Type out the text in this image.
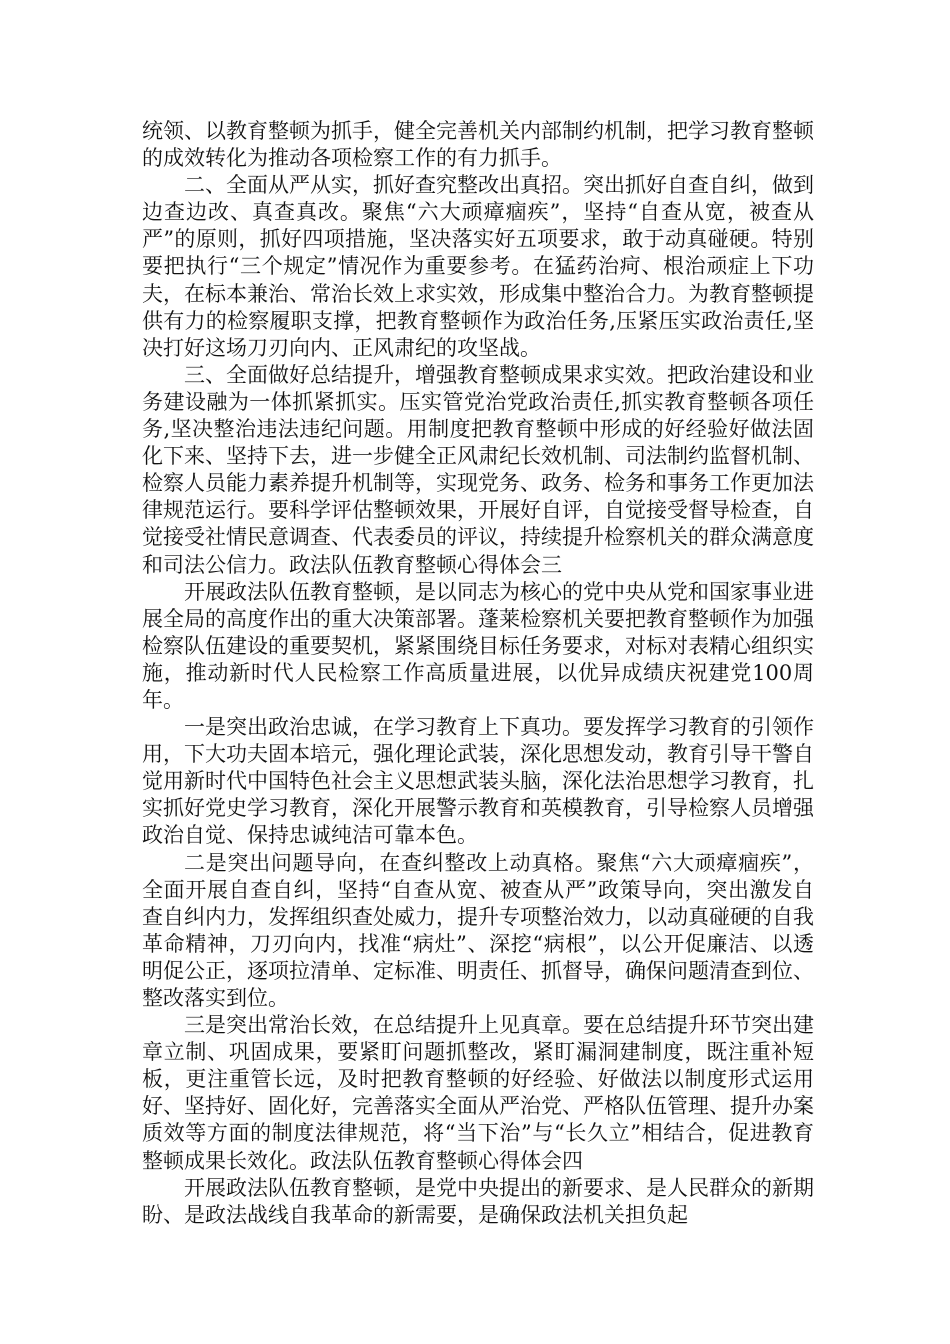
统领、以教育整顿为抓手，健全完善机关内部制约机制，把学习教育整顿的成效转化为推动各项检察工作的有力抓手。

二、全面从严从实，抓好查究整改出真招。突出抓好自查自纠，做到边查边改、真查真改。聚焦“六大顽瘴痼疾”，坚持“自查从宽，被查从严”的原则，抓好四项措施，坚决落实好五项要求，敢于动真碰硬。特别要把执行“三个规定”情况作为重要参考。在猛药治疴、根治顽症上下功夫，在标本兼治、常治长效上求实效，形成集中整治合力。为教育整顿提供有力的检察履职支撑，把教育整顿作为政治任务,压紧压实政治责任,坚决打好这场刀刃向内、正风肃纪的攻坚战。

三、全面做好总结提升，增强教育整顿成果求实效。把政治建设和业务建设融为一体抓紧抓实。压实管党治党政治责任,抓实教育整顿各项任务,坚决整治违法违纪问题。用制度把教育整顿中形成的好经验好做法固化下来、坚持下去，进一步健全正风肃纪长效机制、司法制约监督机制、检察人员能力素养提升机制等，实现党务、政务、检务和事务工作更加法律规范运行。要科学评估整顿效果，开展好自评，自觉接受督导检查，自觉接受社情民意调查、代表委员的评议，持续提升检察机关的群众满意度和司法公信力。政法队伍教育整顿心得体会三

开展政法队伍教育整顿，是以同志为核心的党中央从党和国家事业进展全局的高度作出的重大决策部署。蓬莱检察机关要把教育整顿作为加强检察队伍建设的重要契机，紧紧围绕目标任务要求，对标对表精心组织实施，推动新时代人民检察工作高质量进展，以优异成绩庆祝建党100周年。

一是突出政治忠诚，在学习教育上下真功。要发挥学习教育的引领作用，下大功夫固本培元，强化理论武装，深化思想发动，教育引导干警自觉用新时代中国特色社会主义思想武装头脑，深化法治思想学习教育，扎实抓好党史学习教育，深化开展警示教育和英模教育，引导检察人员增强政治自觉、保持忠诚纯洁可靠本色。

二是突出问题导向，在查纠整改上动真格。聚焦“六大顽瘴痼疾”，全面开展自查自纠，坚持“自查从宽、被查从严”政策导向，突出激发自查自纠内力，发挥组织查处威力，提升专项整治效力，以动真碰硬的自我革命精神，刀刃向内，找准“病灶”、深挖“病根”，以公开促廉洁、以透明促公正，逐项拉清单、定标准、明责任、抓督导，确保问题清查到位、整改落实到位。

三是突出常治长效，在总结提升上见真章。要在总结提升环节突出建章立制、巩固成果，要紧盯问题抓整改，紧盯漏洞建制度，既注重补短板，更注重管长远，及时把教育整顿的好经验、好做法以制度形式运用好、坚持好、固化好，完善落实全面从严治党、严格队伍管理、提升办案质效等方面的制度法律规范，将“当下治”与“长久立”相结合，促进教育整顿成果长效化。政法队伍教育整顿心得体会四

开展政法队伍教育整顿，是党中央提出的新要求、是人民群众的新期盼、是政法战线自我革命的新需要，是确保政法机关担负起
